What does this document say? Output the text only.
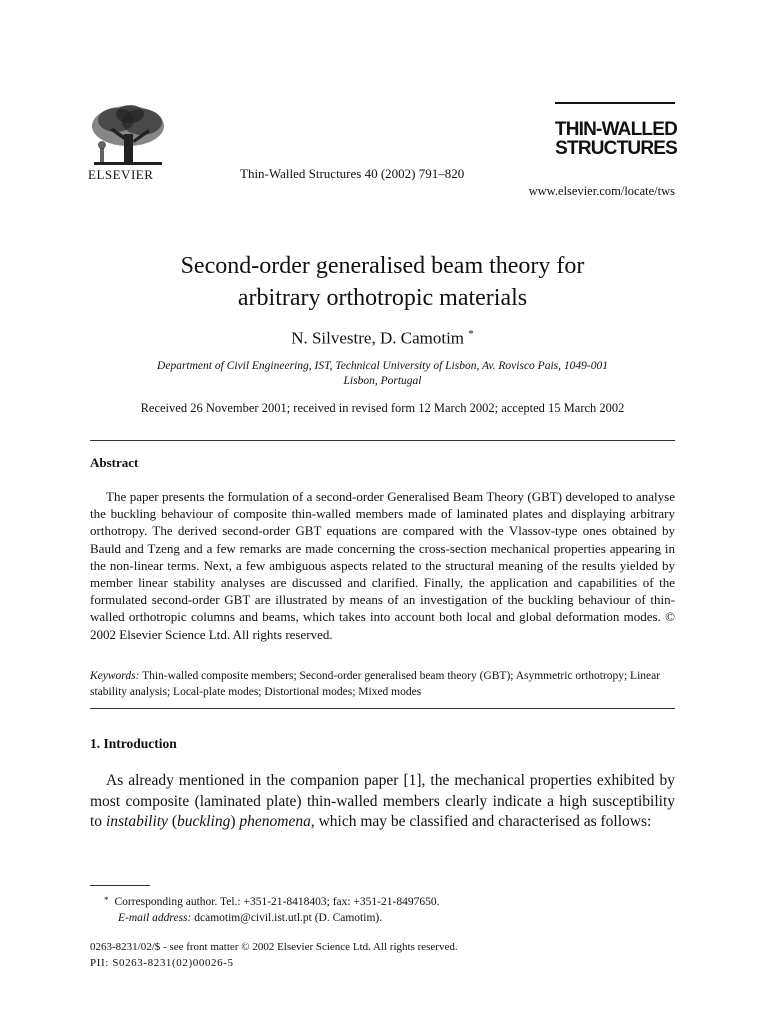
ELSEVIER	Thin-Walled Structures 40 (2002) 791–820
THIN-WALLED
STRUCTURES
www.elsevier.com/locate/tws
Second-order generalised beam theory for
arbitrary orthotropic materials
N. Silvestre, D. Camotim *
Department of Civil Engineering, IST, Technical University of Lisbon, Av. Rovisco Pais, 1049-001
Lisbon, Portugal
Received 26 November 2001; received in revised form 12 March 2002; accepted 15 March 2002
Abstract
The paper presents the formulation of a second-order Generalised Beam Theory (GBT) developed to analyse the buckling behaviour of composite thin-walled members made of laminated plates and displaying arbitrary orthotropy. The derived second-order GBT equations are compared with the Vlassov-type ones obtained by Bauld and Tzeng and a few remarks are made concerning the cross-section mechanical properties appearing in the non-linear terms. Next, a few ambiguous aspects related to the structural meaning of the results yielded by member linear stability analyses are discussed and clarified. Finally, the application and capabilities of the formulated second-order GBT are illustrated by means of an investigation of the buckling behaviour of thin-walled orthotropic columns and beams, which takes into account both local and global deformation modes. © 2002 Elsevier Science Ltd. All rights reserved.
Keywords: Thin-walled composite members; Second-order generalised beam theory (GBT); Asymmetric orthotropy; Linear stability analysis; Local-plate modes; Distortional modes; Mixed modes
1. Introduction
As already mentioned in the companion paper [1], the mechanical properties exhibited by most composite (laminated plate) thin-walled members clearly indicate a high susceptibility to instability (buckling) phenomena, which may be classified and characterised as follows:
* Corresponding author. Tel.: +351-21-8418403; fax: +351-21-8497650.
E-mail address: dcamotim@civil.ist.utl.pt (D. Camotim).
0263-8231/02/$ - see front matter © 2002 Elsevier Science Ltd. All rights reserved.
PII: S0263-8231(02)00026-5
